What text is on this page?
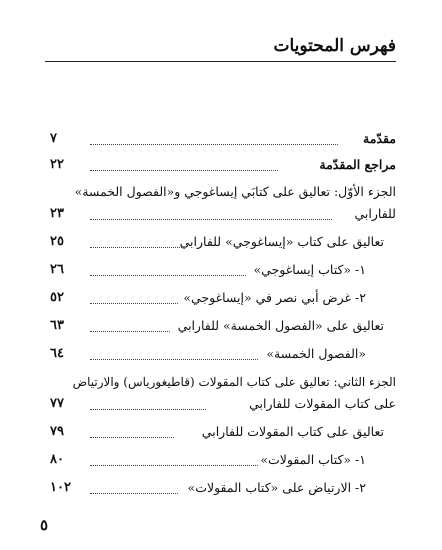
فهرس المحتويات
مقدّمة
٧
مراجع المقدّمة
٢٢
الجزء الأوّل: تعاليق على كتابَي إيساغوجي و«الفصول الخمسة»
للفارابي
٢٣
تعاليق على كتاب «إيساغوجي» للفارابي
٢٥
١- «كتاب إيساغوجي»
٢٦
٢- غرض أبي نصر في «إيساغوجي»
٥٢
تعاليق على «الفصول الخمسة» للفارابي
٦٣
«الفصول الخمسة»
٦٤
الجزء الثاني: تعاليق على كتاب المقولات (قاطيغورياس) والارتياض
على كتاب المقولات للفارابي
٧٧
تعاليق على كتاب المقولات للفارابي
٧٩
١- «كتاب المقولات»
٨٠
٢- الارتياض على «كتاب المقولات»
١٠٢
٥
